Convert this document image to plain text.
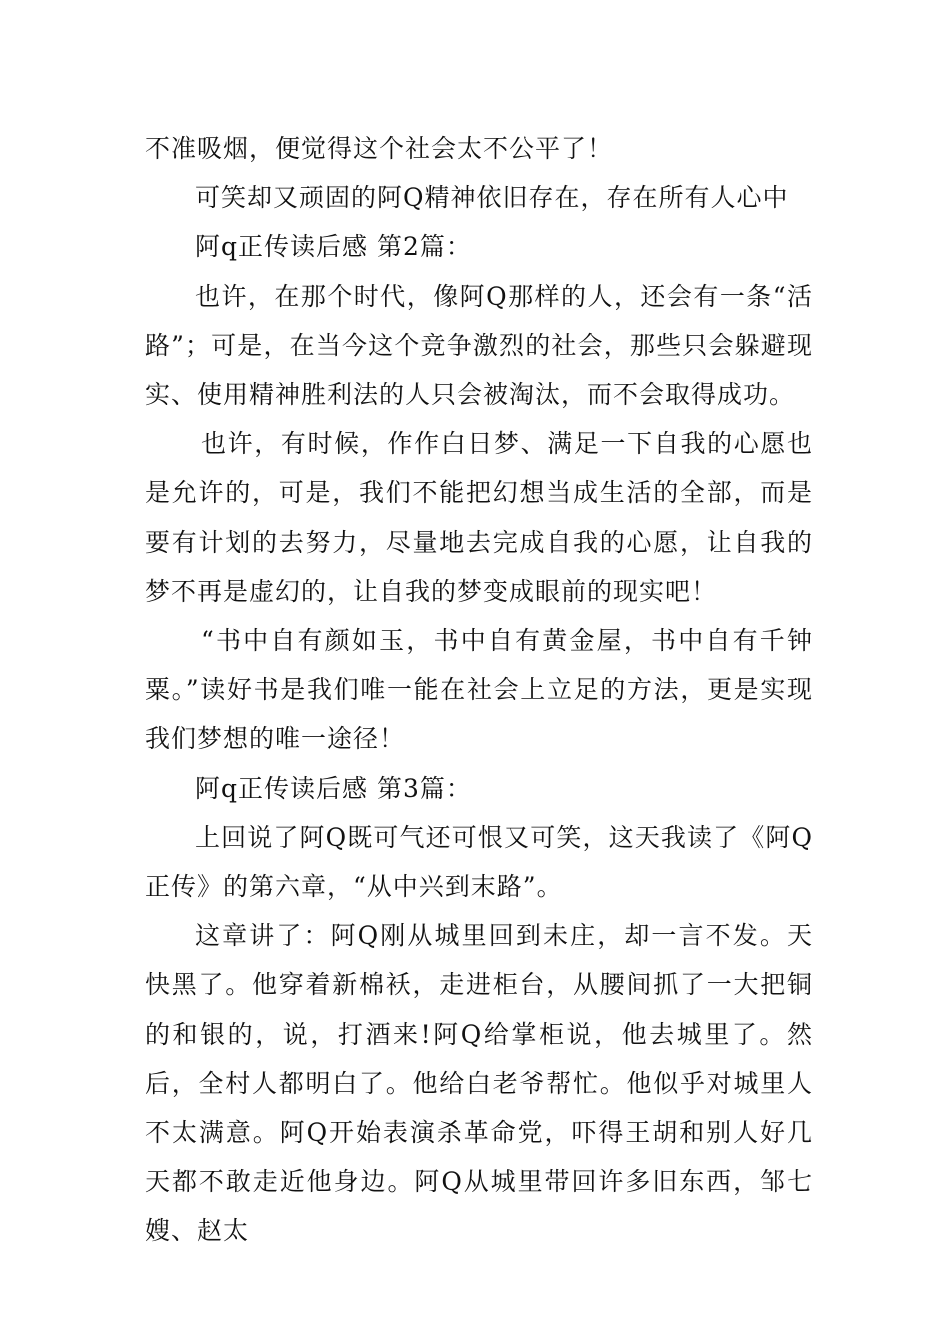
不准吸烟，便觉得这个社会太不公平了！

可笑却又顽固的阿Q精神依旧存在，存在所有人心中

阿q正传读后感 第2篇：

也许，在那个时代，像阿Q那样的人，还会有一条“活路”；可是，在当今这个竞争激烈的社会，那些只会躲避现实、使用精神胜利法的人只会被淘汰，而不会取得成功。

也许，有时候，作作白日梦、满足一下自我的心愿也是允许的，可是，我们不能把幻想当成生活的全部，而是要有计划的去努力，尽量地去完成自我的心愿，让自我的梦不再是虚幻的，让自我的梦变成眼前的现实吧！

“书中自有颜如玉，书中自有黄金屋，书中自有千钟粟。”读好书是我们唯一能在社会上立足的方法，更是实现我们梦想的唯一途径！

阿q正传读后感 第3篇：

上回说了阿Q既可气还可恨又可笑，这天我读了《阿Q正传》的第六章，“从中兴到末路”。

这章讲了：阿Q刚从城里回到未庄，却一言不发。天快黑了。他穿着新棉袄，走进柜台，从腰间抓了一大把铜的和银的，说，打酒来!阿Q给掌柜说，他去城里了。然后，全村人都明白了。他给白老爷帮忙。他似乎对城里人不太满意。阿Q开始表演杀革命党，吓得王胡和别人好几天都不敢走近他身边。阿Q从城里带回许多旧东西，邹七嫂、赵太
